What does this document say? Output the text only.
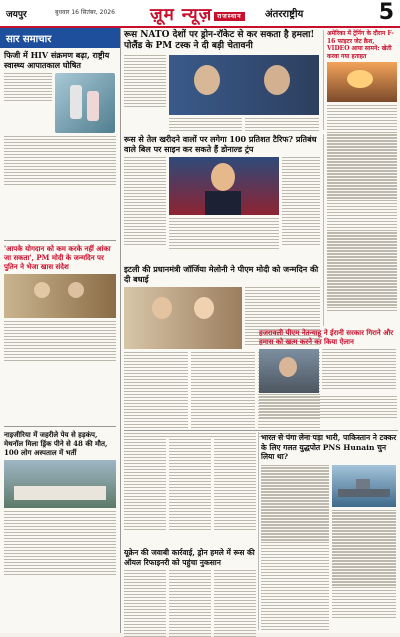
जयपुर	बुधवार 16 सितंबर, 2026 ज़ूम न्यूज़ राजस्थान	अंतरराष्ट्रीय	5
सार समाचार
फिजी में HIV संक्रमण बढ़ा, राष्ट्रीय स्वास्थ्य आपातकाल घोषित
'आपके योगदान को कम करके नहीं आंका जा सकता', PM मोदी के जन्मदिन पर पुतिन ने भेजा खास संदेश
नाइजीरिया में जहरीले पेय से हड़कंप, मेथनॉल मिला ड्रिंक पीने से 48 की मौत, 100 लोग अस्पताल में भर्ती
रूस NATO देशों पर ड्रोन-रॉकेट से कर सकता है हमला! पोलैंड के PM टस्क ने दी बड़ी चेतावनी
अमेरिका में ट्रेनिंग के दौरान F-16 फाइटर जेट क्रैश, VIDEO आया सामने: खेती करवा गया हताहत
रूस से तेल खरीदने वालों पर लगेगा 100 प्रतिशत टैरिफ? प्रतिबंध वाले बिल पर साइन कर सकते हैं डोनाल्ड ट्रंप
इटली की प्रधानमंत्री जॉर्जिया मेलोनी ने पीएम मोदी को जन्मदिन की दी बधाई
हजरावली पीएम नेतन्याहू ने ईरानी सरकार गिराने और हमास को खत्म करने का किया ऐलान
भारत से पंगा लेना पड़ा भारी, पाकिस्तान ने टक्कर के लिए गलत युद्धपोत PNS Hunain चुन लिया था?
यूक्रेन की जवाबी कार्रवाई, ड्रोन हमले में रूस की ऑयल रिफाइनरी को पहुंचा नुकसान
